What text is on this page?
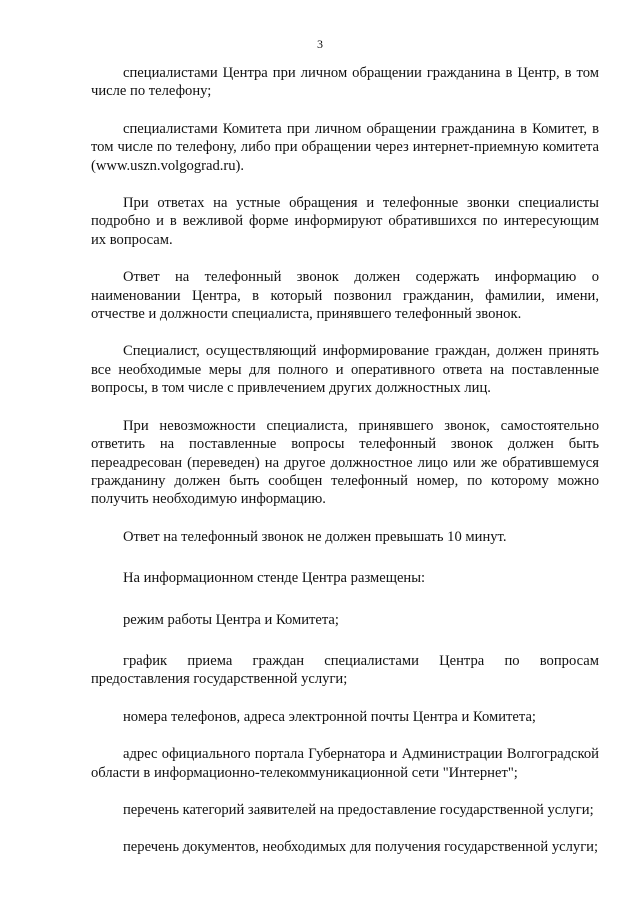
3

специалистами Центра при личном обращении гражданина в Центр, в том числе по телефону;

специалистами Комитета при личном обращении гражданина в Комитет, в том числе по телефону, либо при обращении через интернет-приемную комитета (www.uszn.volgograd.ru).

При ответах на устные обращения и телефонные звонки специалисты подробно и в вежливой форме информируют обратившихся по интересующим их вопросам.

Ответ на телефонный звонок должен содержать информацию о наименовании Центра, в который позвонил гражданин, фамилии, имени, отчестве и должности специалиста, принявшего телефонный звонок.

Специалист, осуществляющий информирование граждан, должен принять все необходимые меры для полного и оперативного ответа на поставленные вопросы, в том числе с привлечением других должностных лиц.

При невозможности специалиста, принявшего звонок, самостоятельно ответить на поставленные вопросы телефонный звонок должен быть переадресован (переведен) на другое должностное лицо или же обратившемуся гражданину должен быть сообщен телефонный номер, по которому можно получить необходимую информацию.

Ответ на телефонный звонок не должен превышать 10 минут.

На информационном стенде Центра размещены:

режим работы Центра и Комитета;

график приема граждан специалистами Центра по вопросам предоставления государственной услуги;

номера телефонов, адреса электронной почты Центра и Комитета;

адрес официального портала Губернатора и Администрации Волгоградской области в информационно-телекоммуникационной сети "Интернет";

перечень категорий заявителей на предоставление государственной услуги;

перечень документов, необходимых для получения государственной услуги;
